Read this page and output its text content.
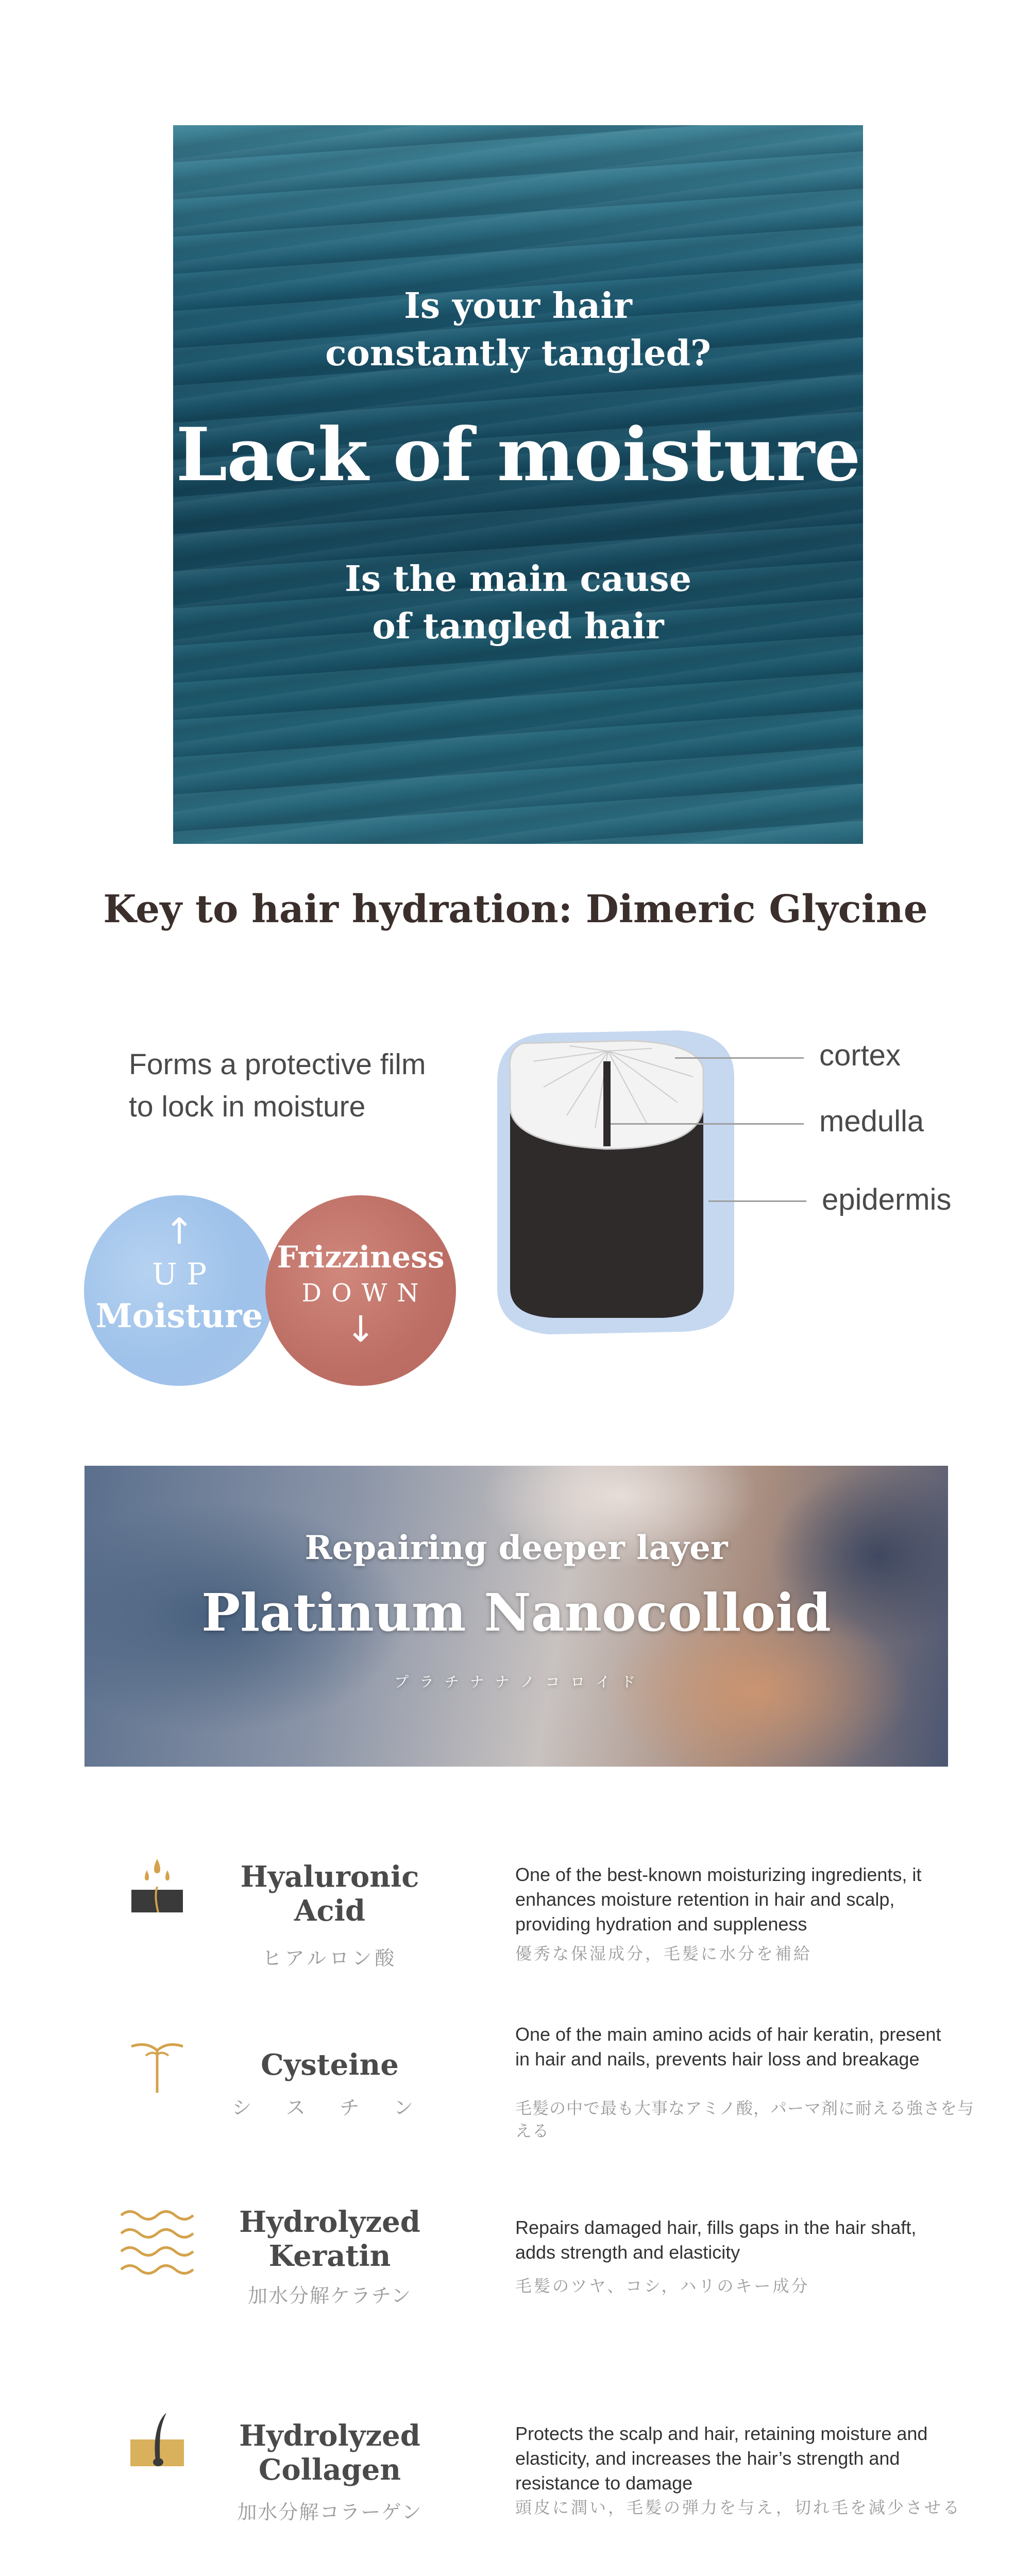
Is your hair
constantly tangled?
Lack of moisture
Is the main cause
of tangled hair
Key to hair hydration: Dimeric Glycine
Forms a protective film
to lock in moisture
↑
U P
Moisture
Frizziness
D O W N
↓
cortex
medulla
epidermis
Repairing deeper layer
Platinum Nanocolloid
プ ラ チ ナ ナ ノ コ ロ イ ド
Hyaluronic
Acid
ヒアルロン酸
One of the best-known moisturizing ingredients, it enhances moisture retention in hair and scalp, providing hydration and suppleness
優秀な保湿成分，毛髪に水分を補給
Cysteine
シ ス チ ン
One of the main amino acids of hair keratin, present in hair and nails, prevents hair loss and breakage
毛髪の中で最も大事なアミノ酸，パーマ剤に耐える強さを与える
Hydrolyzed
Keratin
加水分解ケラチン
Repairs damaged hair, fills gaps in the hair shaft, adds strength and elasticity
毛髪のツヤ、コシ，ハリのキー成分
Hydrolyzed
Collagen
加水分解コラーゲン
Protects the scalp and hair, retaining moisture and elasticity, and increases the hair’s strength and resistance to damage
頭皮に潤い，毛髪の弾力を与え，切れ毛を減少させる
